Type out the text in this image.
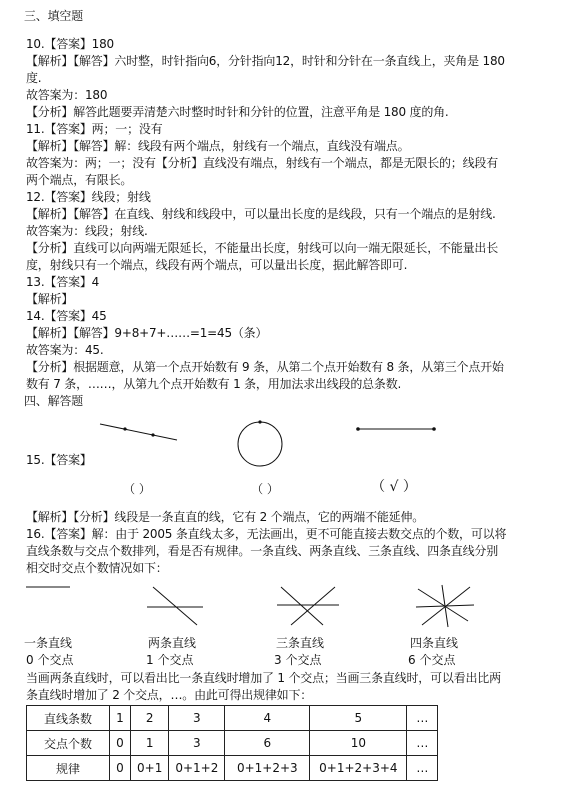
三、填空题
10.【答案】180
【解析】【解答】六时整，时针指向6，分针指向12，时针和分针在一条直线上，夹角是 180
度.
故答案为：180
【分析】解答此题要弄清楚六时整时时针和分针的位置，注意平角是 180 度的角.
11.【答案】两；一；没有
【解析】【解答】解：线段有两个端点，射线有一个端点，直线没有端点。
故答案为：两；一；没有【分析】直线没有端点，射线有一个端点，都是无限长的；线段有
两个端点，有限长。
12.【答案】线段；射线
【解析】【解答】在直线、射线和线段中，可以量出长度的是线段，只有一个端点的是射线.
故答案为：线段；射线.
【分析】直线可以向两端无限延长，不能量出长度，射线可以向一端无限延长，不能量出长
度，射线只有一个端点，线段有两个端点，可以量出长度，据此解答即可.
13.【答案】4
【解析】
14.【答案】45
【解析】【解答】9+8+7+……=1=45（条）
故答案为：45.
【分析】根据题意，从第一个点开始数有 9 条，从第二个点开始数有 8 条，从第三个点开始
数有 7 条，……，从第九个点开始数有 1 条，用加法求出线段的总条数.
四、解答题
15.【答案】
（ ）	（ ）	（ √ ）
【解析】【分析】线段是一条直直的线，它有 2 个端点，它的两端不能延伸。
16.【答案】解：由于 2005 条直线太多，无法画出，更不可能直接去数交点的个数，可以将
直线条数与交点个数排列，看是否有规律。一条直线、两条直线、三条直线、四条直线分别
相交时交点个数情况如下：
一条直线
0 个交点
两条直线
1 个交点
三条直线
3 个交点
四条直线
6 个交点
当画两条直线时，可以看出比一条直线时增加了 1 个交点；当画三条直线时，可以看出比两
条直线时增加了 2 个交点，…。由此可得出规律如下：
直线条数	1	2	3	4	5	…
交点个数	0	1	3	6	10	…
规律	0	0+1	0+1+2	0+1+2+3	0+1+2+3+4	…
